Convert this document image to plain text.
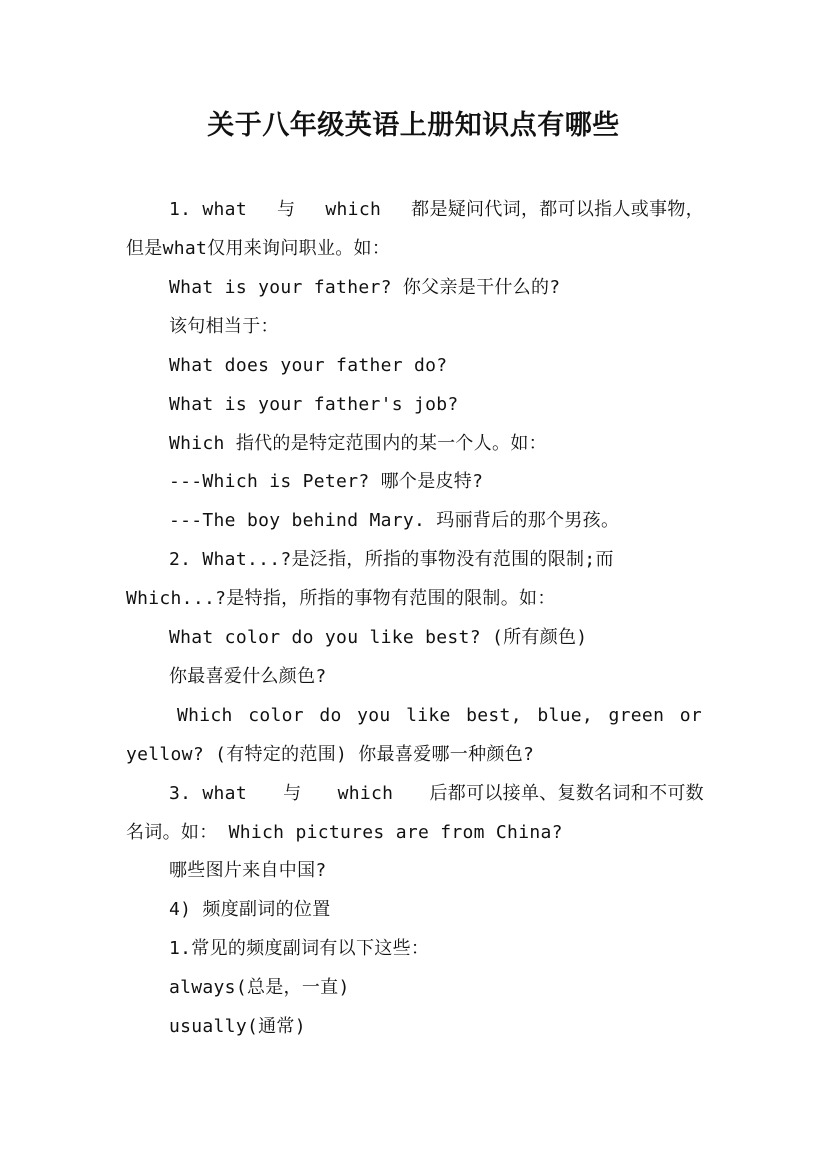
关于八年级英语上册知识点有哪些
1. what 与 which 都是疑问代词，都可以指人或事物，
但是what仅用来询问职业。如：
What is your father? 你父亲是干什么的?
该句相当于：
What does your father do?
What is your father's job?
Which 指代的是特定范围内的某一个人。如：
---Which is Peter? 哪个是皮特?
---The boy behind Mary. 玛丽背后的那个男孩。
2. What...?是泛指，所指的事物没有范围的限制;而
Which...?是特指，所指的事物有范围的限制。如：
What color do you like best? (所有颜色)
你最喜爱什么颜色?
Which color do you like best, blue, green or
yellow? (有特定的范围) 你最喜爱哪一种颜色?
3. what 与 which 后都可以接单、复数名词和不可数
名词。如： Which pictures are from China?
哪些图片来自中国?
4) 频度副词的位置
1.常见的频度副词有以下这些：
always(总是，一直)
usually(通常)
